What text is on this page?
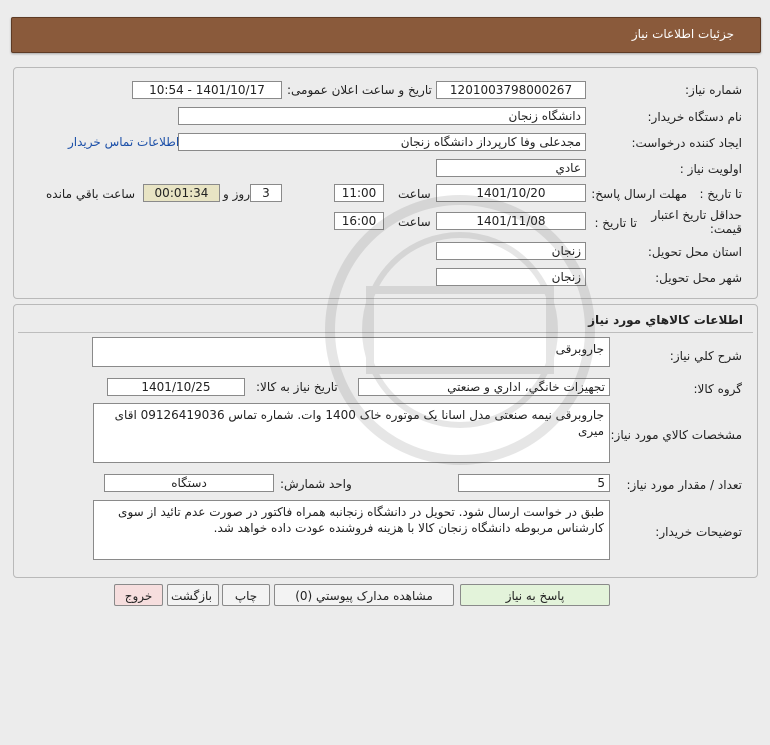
جزئيات اطلاعات نياز
شماره نياز:
1201003798000267
تاريخ و ساعت اعلان عمومی:
1401/10/17 - 10:54
نام دستگاه خريدار:
دانشگاه زنجان
ايجاد کننده درخواست:
مجدعلی وفا کارپرداز دانشگاه زنجان
اطلاعات تماس خريدار
اولويت نياز :
عادي
مهلت ارسال پاسخ: تا تاريخ :
1401/10/20
ساعت
11:00
3
روز و
00:01:34
ساعت باقي مانده
حداقل تاريخ اعتبار
قيمت:
تا تاريخ :
1401/11/08
ساعت
16:00
استان محل تحويل:
زنجان
شهر محل تحويل:
زنجان
اطلاعات کالاهاي مورد نياز
شرح کلي نياز:
جاروبرقی
گروه کالا:
تجهيزات خانگي، اداري و صنعتي
تاريخ نياز به کالا:
1401/10/25
مشخصات کالاي مورد نياز:
جاروبرقی نیمه صنعتی مدل اسانا یک موتوره خاک 1400 وات. شماره تماس 09126419036 اقای میری
تعداد / مقدار مورد نياز:
5
واحد شمارش:
دستگاه
توضيحات خريدار:
طبق در خواست ارسال شود. تحویل در دانشگاه زنجانبه همراه فاکتور در صورت عدم تائید از سوی کارشناس مربوطه دانشگاه زنجان کالا با هزینه فروشنده عودت داده خواهد شد.
پاسخ به نياز
مشاهده مدارک پيوستي (0)
چاپ
بازگشت
خروج
